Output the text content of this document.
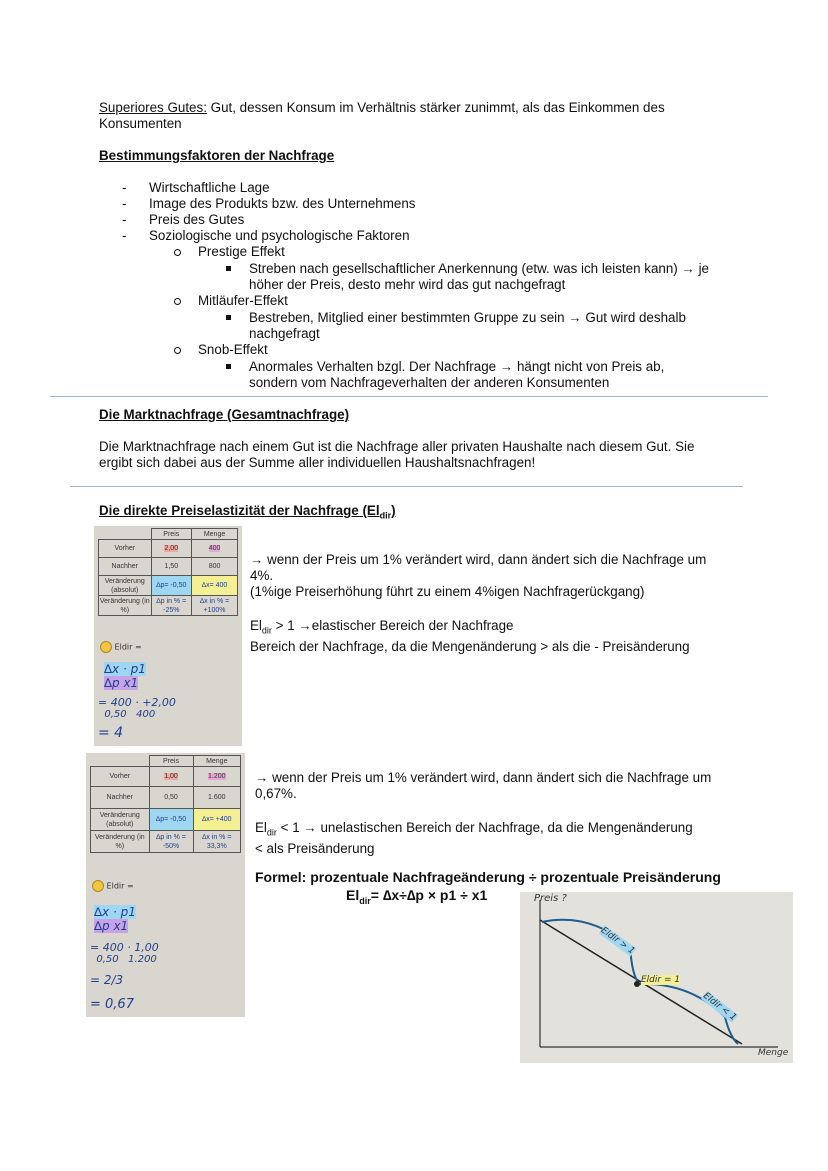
Superiores Gutes: Gut, dessen Konsum im Verhältnis stärker zunimmt, als das Einkommen des
Konsumenten
Bestimmungsfaktoren der Nachfrage
- Wirtschaftliche Lage
- Image des Produkts bzw. des Unternehmens
- Preis des Gutes
- Soziologische und psychologische Faktoren
Prestige Effekt
Streben nach gesellschaftlicher Anerkennung (etw. was ich leisten kann) → je
höher der Preis, desto mehr wird das gut nachgefragt
Mitläufer-Effekt
Bestreben, Mitglied einer bestimmten Gruppe zu sein → Gut wird deshalb
nachgefragt
Snob-Effekt
Anormales Verhalten bzgl. Der Nachfrage → hängt nicht von Preis ab,
sondern vom Nachfrageverhalten der anderen Konsumenten
Die Marktnachfrage (Gesamtnachfrage)
Die Marktnachfrage nach einem Gut ist die Nachfrage aller privaten Haushalte nach diesem Gut. Sie
ergibt sich dabei aus der Summe aller individuellen Haushaltsnachfragen!
Die direkte Preiselastizität der Nachfrage $(El_{dir})$
	Preis	Menge
Vorher	2,00	400
Nachher	1,50	800
Veränderung (absolut)	∆p= -0,50	∆x= 400
Veränderung (in %)	∆p in % = -25%	∆x in % = +100%
Eldir =
∆x · p1
∆p x1
= 400 · +2,00
0,50   400
= 4
→ wenn der Preis um 1% verändert wird, dann ändert sich die Nachfrage um
4%.
(1%ige Preiserhöhung führt zu einem 4%igen Nachfragerückgang)
$El_{dir} > 1$ →elastischer Bereich der Nachfrage
Bereich der Nachfrage, da die Mengenänderung > als die - Preisänderung
	Preis	Menge
Vorher	1,00	1.200
Nachher	0,50	1.600
Veränderung (absolut)	∆p= -0,50	∆x= +400
Veränderung (in %)	∆p in % = -50%	∆x in % = 33,3%
Eldir =
∆x · p1
∆p x1
= 400 · 1,00
0,50   1.200
= 2/3
= 0,67
→ wenn der Preis um 1% verändert wird, dann ändert sich die Nachfrage um
0,67%.
$El_{dir} < 1$ → unelastischen Bereich der Nachfrage, da die Mengenänderung
< als Preisänderung
Formel: prozentuale Nachfrageänderung ÷ prozentuale Preisänderung
$El_{dir}= \Delta x\div\Delta p \times p1 \div x1$	Preis ?
Menge
Eldir > 1
Eldir = 1
Eldir < 1
